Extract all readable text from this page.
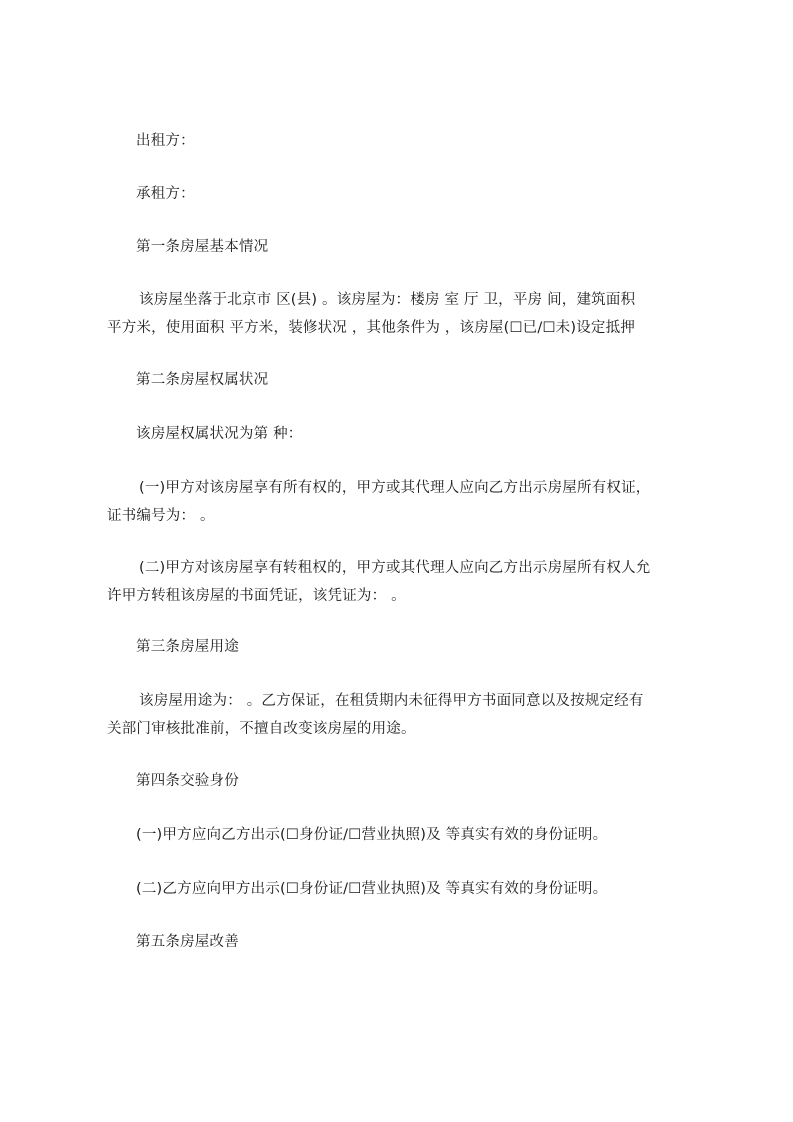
出租方：
承租方：
第一条房屋基本情况
该房屋坐落于北京市 区(县) 。该房屋为：楼房 室 厅 卫，平房 间，建筑面积
平方米，使用面积 平方米，装修状况 ，其他条件为 ，该房屋(☐已/☐未)设定抵押
第二条房屋权属状况
该房屋权属状况为第 种：
(一)甲方对该房屋享有所有权的，甲方或其代理人应向乙方出示房屋所有权证，
证书编号为： 。
(二)甲方对该房屋享有转租权的，甲方或其代理人应向乙方出示房屋所有权人允
许甲方转租该房屋的书面凭证，该凭证为： 。
第三条房屋用途
该房屋用途为： 。乙方保证，在租赁期内未征得甲方书面同意以及按规定经有
关部门审核批准前，不擅自改变该房屋的用途。
第四条交验身份
(一)甲方应向乙方出示(☐身份证/☐营业执照)及 等真实有效的身份证明。
(二)乙方应向甲方出示(☐身份证/☐营业执照)及 等真实有效的身份证明。
第五条房屋改善
